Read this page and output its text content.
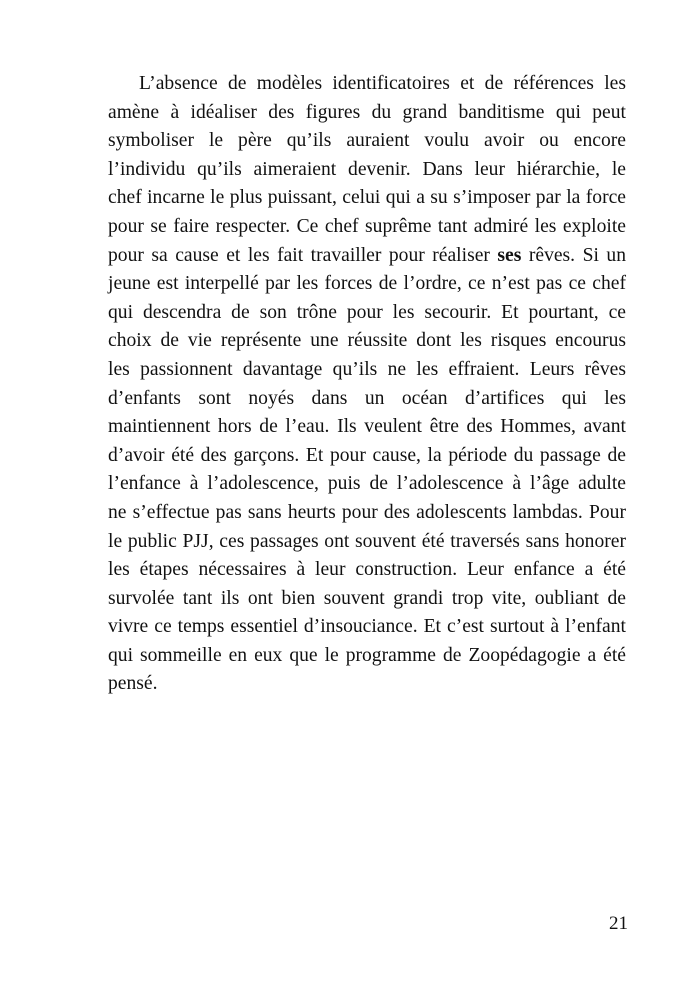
L’absence de modèles identificatoires et de références les
amène à idéaliser des figures du grand banditisme qui peut
symboliser le père qu’ils auraient voulu avoir ou encore
l’individu qu’ils aimeraient devenir. Dans leur hiérarchie, le
chef incarne le plus puissant, celui qui a su s’imposer par la force
pour se faire respecter. Ce chef suprême tant admiré les exploite
pour sa cause et les fait travailler pour réaliser ses rêves. Si un
jeune est interpellé par les forces de l’ordre, ce n’est pas ce chef
qui descendra de son trône pour les secourir. Et pourtant, ce
choix de vie représente une réussite dont les risques encourus
les passionnent davantage qu’ils ne les effraient. Leurs rêves
d’enfants sont noyés dans un océan d’artifices qui les
maintiennent hors de l’eau. Ils veulent être des Hommes, avant
d’avoir été des garçons. Et pour cause, la période du passage de
l’enfance à l’adolescence, puis de l’adolescence à l’âge adulte
ne s’effectue pas sans heurts pour des adolescents lambdas. Pour
le public PJJ, ces passages ont souvent été traversés sans honorer
les étapes nécessaires à leur construction. Leur enfance a été
survolée tant ils ont bien souvent grandi trop vite, oubliant de
vivre ce temps essentiel d’insouciance. Et c’est surtout à l’enfant
qui sommeille en eux que le programme de Zoopédagogie a été
pensé.
21
